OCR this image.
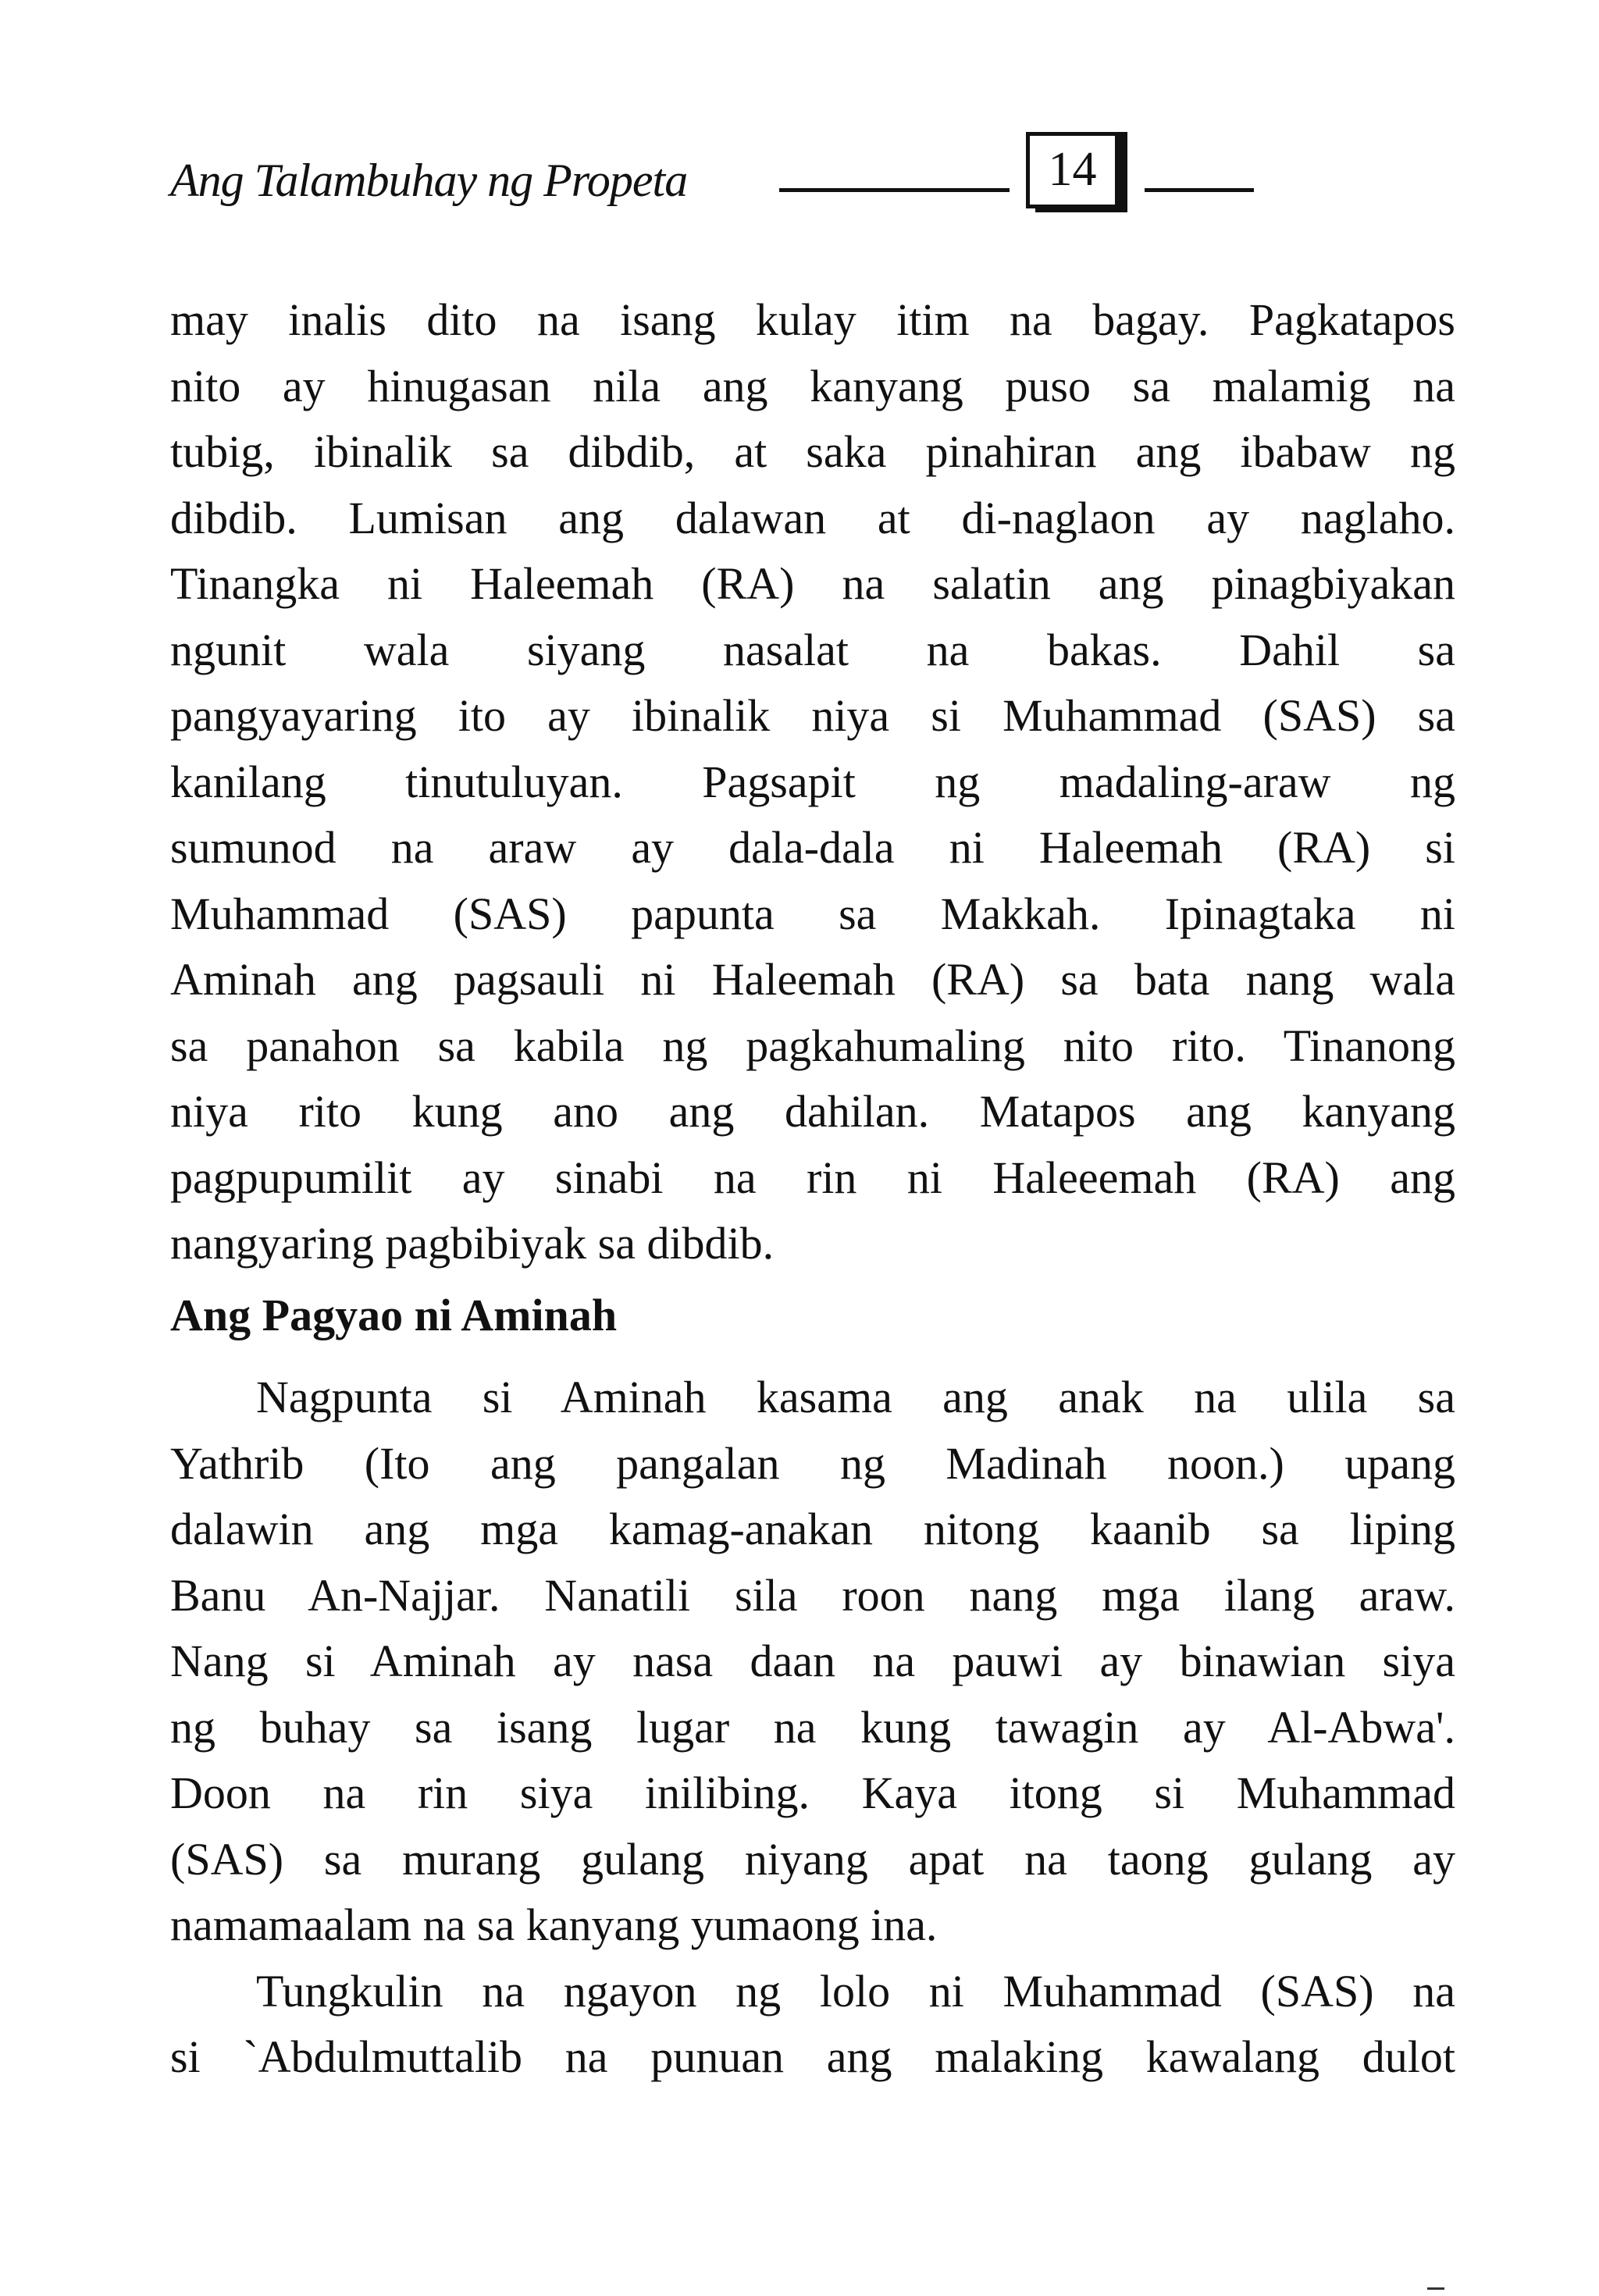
Ang Talambuhay ng Propeta	14
may inalis dito na isang kulay itim na bagay. Pagkatapos
nito ay hinugasan nila ang kanyang puso sa malamig na
tubig, ibinalik sa dibdib, at saka pinahiran ang ibabaw ng
dibdib. Lumisan ang dalawan at di-naglaon ay naglaho.
Tinangka ni Haleemah (RA) na salatin ang pinagbiyakan
ngunit wala siyang nasalat na bakas. Dahil sa
pangyayaring ito ay ibinalik niya si Muhammad (SAS) sa
kanilang tinutuluyan. Pagsapit ng madaling-araw ng
sumunod na araw ay dala-dala ni Haleemah (RA) si
Muhammad (SAS) papunta sa Makkah. Ipinagtaka ni
Aminah ang pagsauli ni Haleemah (RA) sa bata nang wala
sa panahon sa kabila ng pagkahumaling nito rito. Tinanong
niya rito kung ano ang dahilan. Matapos ang kanyang
pagpupumilit ay sinabi na rin ni Haleeemah (RA) ang
nangyaring pagbibiyak sa dibdib.
Ang Pagyao ni Aminah
Nagpunta si Aminah kasama ang anak na ulila sa
Yathrib (Ito ang pangalan ng Madinah noon.) upang
dalawin ang mga kamag-anakan nitong kaanib sa liping
Banu An-Najjar. Nanatili sila roon nang mga ilang araw.
Nang si Aminah ay nasa daan na pauwi ay binawian siya
ng buhay sa isang lugar na kung tawagin ay Al-Abwa'.
Doon na rin siya inilibing. Kaya itong si Muhammad
(SAS) sa murang gulang niyang apat na taong gulang ay
namamaalam na sa kanyang yumaong ina.
Tungkulin na ngayon ng lolo ni Muhammad (SAS) na
si `Abdulmuttalib na punuan ang malaking kawalang dulot
